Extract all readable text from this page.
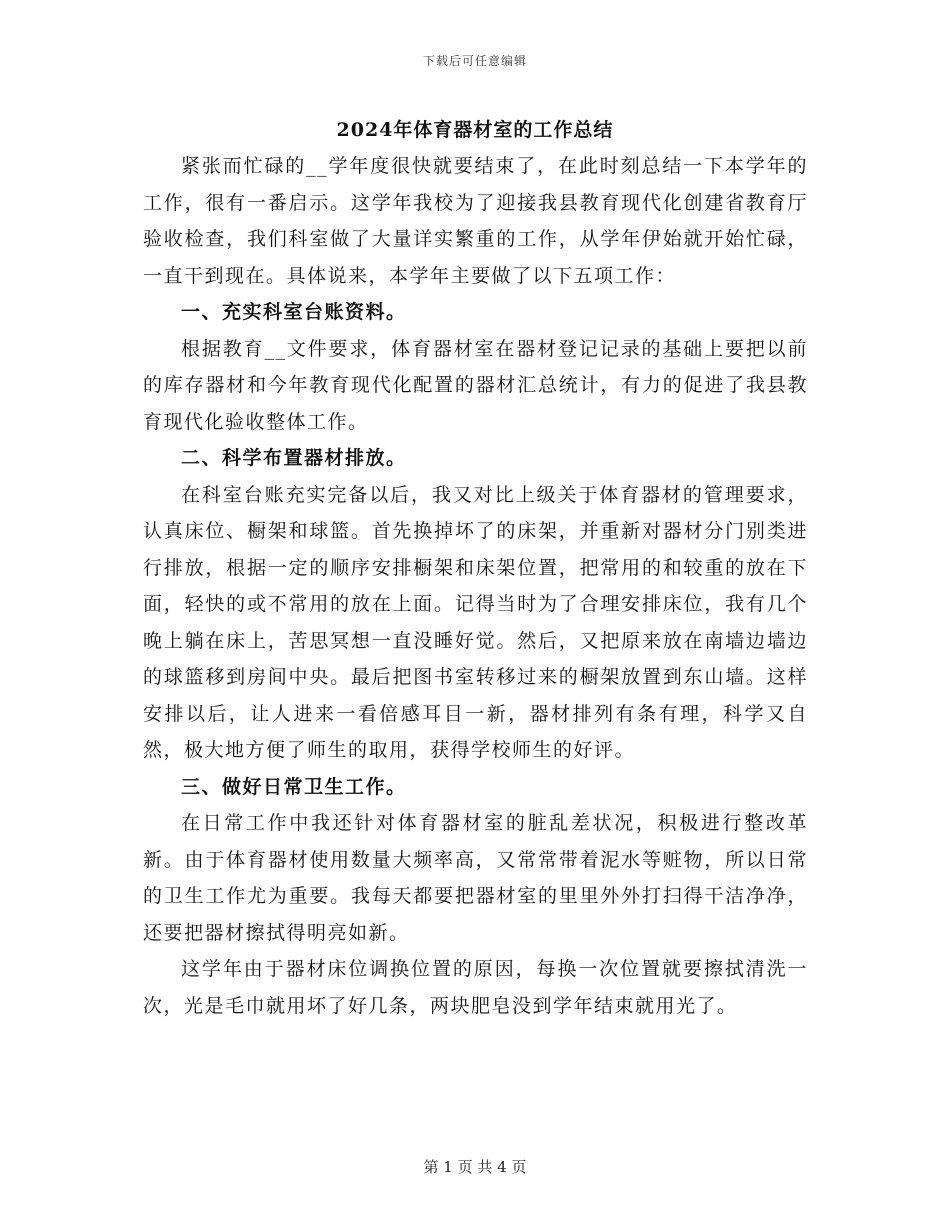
下载后可任意编辑
2024年体育器材室的工作总结

紧张而忙碌的__学年度很快就要结束了，在此时刻总结一下本学年的工作，很有一番启示。这学年我校为了迎接我县教育现代化创建省教育厅验收检查，我们科室做了大量详实繁重的工作，从学年伊始就开始忙碌，一直干到现在。具体说来，本学年主要做了以下五项工作：

一、充实科室台账资料。

根据教育__文件要求，体育器材室在器材登记记录的基础上要把以前的库存器材和今年教育现代化配置的器材汇总统计，有力的促进了我县教育现代化验收整体工作。

二、科学布置器材排放。

在科室台账充实完备以后，我又对比上级关于体育器材的管理要求，认真床位、橱架和球篮。首先换掉坏了的床架，并重新对器材分门别类进行排放，根据一定的顺序安排橱架和床架位置，把常用的和较重的放在下面，轻快的或不常用的放在上面。记得当时为了合理安排床位，我有几个晚上躺在床上，苦思冥想一直没睡好觉。然后，又把原来放在南墙边墙边的球篮移到房间中央。最后把图书室转移过来的橱架放置到东山墙。这样安排以后，让人进来一看倍感耳目一新，器材排列有条有理，科学又自然，极大地方便了师生的取用，获得学校师生的好评。

三、做好日常卫生工作。

在日常工作中我还针对体育器材室的脏乱差状况，积极进行整改革新。由于体育器材使用数量大频率高，又常常带着泥水等赃物，所以日常的卫生工作尤为重要。我每天都要把器材室的里里外外打扫得干洁净净，还要把器材擦拭得明亮如新。

这学年由于器材床位调换位置的原因，每换一次位置就要擦拭清洗一次，光是毛巾就用坏了好几条，两块肥皂没到学年结束就用光了。

第 1 页 共 4 页
